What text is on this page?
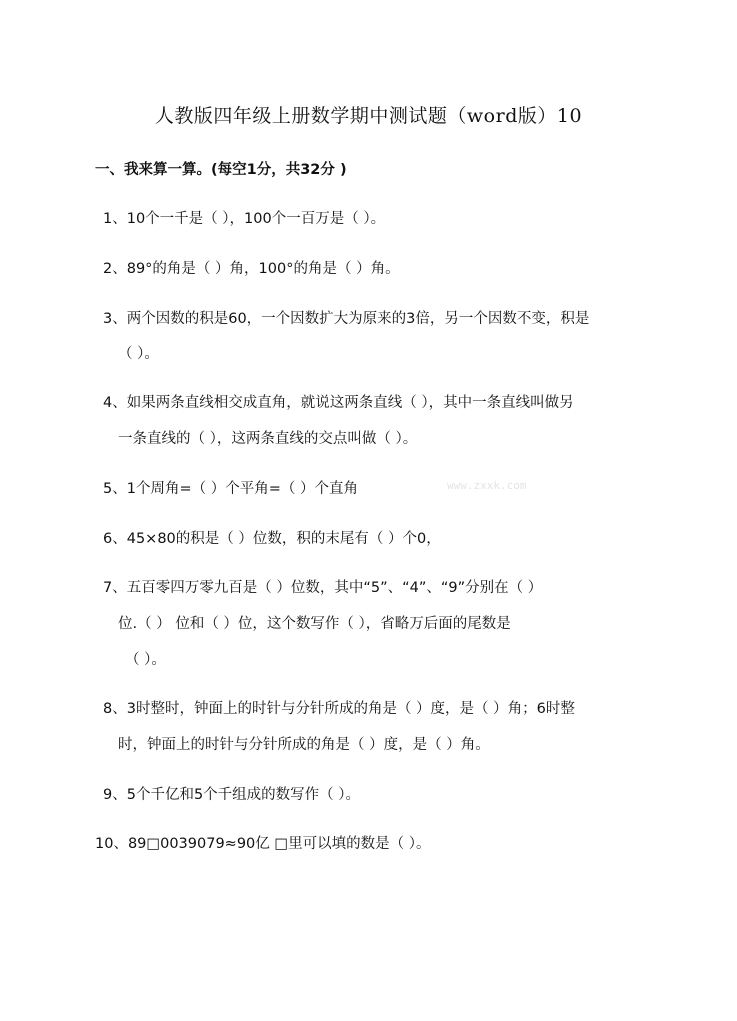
人教版四年级上册数学期中测试题（word版）10
一、我来算一算。(每空1分，共32分 )
1、10个一千是（ ），100个一百万是（ ）。
2、89°的角是（ ）角，100°的角是（ ）角。
3、两个因数的积是60，一个因数扩大为原来的3倍，另一个因数不变，积是
（ ）。
4、如果两条直线相交成直角，就说这两条直线（ ），其中一条直线叫做另
一条直线的（ ），这两条直线的交点叫做（ ）。
5、1个周角=（ ）个平角=（ ）个直角
6、45×80的积是（ ）位数，积的末尾有（ ）个0，
7、五百零四万零九百是（ ）位数，其中“5”、“4”、“9”分别在（ ）
位.（ ） 位和（ ）位，这个数写作（ ），省略万后面的尾数是
（ ）。
8、3时整时，钟面上的时针与分针所成的角是（ ）度，是（ ）角；6时整
时，钟面上的时针与分针所成的角是（ ）度，是（ ）角。
9、5个千亿和5个千组成的数写作（ ）。
10、89□0039079≈90亿 □里可以填的数是（ ）。
www.zxxk.com
